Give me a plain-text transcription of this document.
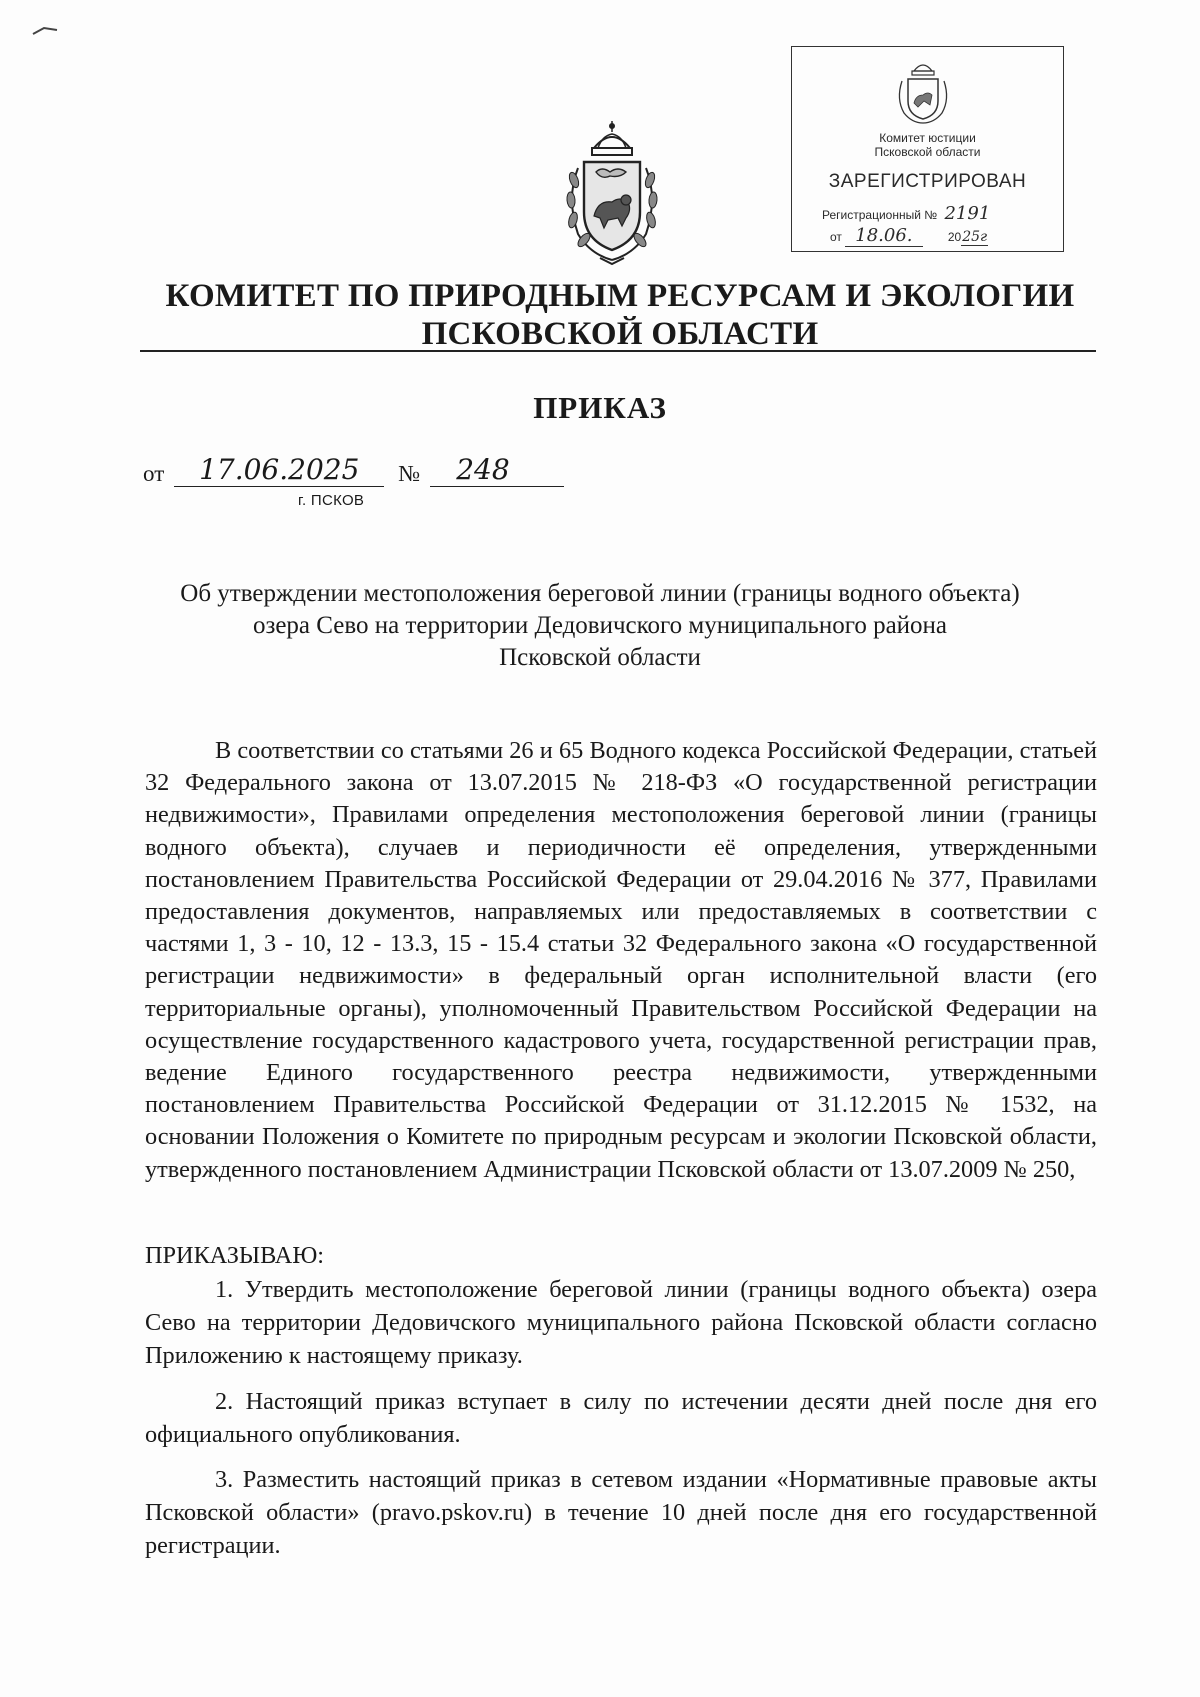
Комитет юстиции
Псковской области
ЗАРЕГИСТРИРОВАН
Регистрационный № 2191
от 18.06.	2025г
КОМИТЕТ ПО ПРИРОДНЫМ РЕСУРСАМ И ЭКОЛОГИИ
ПСКОВСКОЙ ОБЛАСТИ
ПРИКАЗ
от 17.06.2025 № 248
г. ПСКОВ
Об утверждении местоположения береговой линии (границы водного объекта)
озера Сево на территории Дедовичского муниципального района
Псковской области

В соответствии со статьями 26 и 65 Водного кодекса Российской Федерации, статьей 32 Федерального закона от 13.07.2015 № 218-ФЗ «О государственной регистрации недвижимости», Правилами определения местоположения береговой линии (границы водного объекта), случаев и периодичности её определения, утвержденными постановлением Правительства Российской Федерации от 29.04.2016 № 377, Правилами предоставления документов, направляемых или предоставляемых в соответствии с частями 1, 3 - 10, 12 - 13.3, 15 - 15.4 статьи 32 Федерального закона «О государственной регистрации недвижимости» в федеральный орган исполнительной власти (его территориальные органы), уполномоченный Правительством Российской Федерации на осуществление государственного кадастрового учета, государственной регистрации прав, ведение Единого государственного реестра недвижимости, утвержденными постановлением Правительства Российской Федерации от 31.12.2015 № 1532, на основании Положения о Комитете по природным ресурсам и экологии Псковской области, утвержденного постановлением Администрации Псковской области от 13.07.2009 № 250,

ПРИКАЗЫВАЮ:

1. Утвердить местоположение береговой линии (границы водного объекта) озера Сево на территории Дедовичского муниципального района Псковской области согласно Приложению к настоящему приказу.

2. Настоящий приказ вступает в силу по истечении десяти дней после дня его официального опубликования.

3. Разместить настоящий приказ в сетевом издании «Нормативные правовые акты Псковской области» (pravo.pskov.ru) в течение 10 дней после дня его государственной регистрации.
